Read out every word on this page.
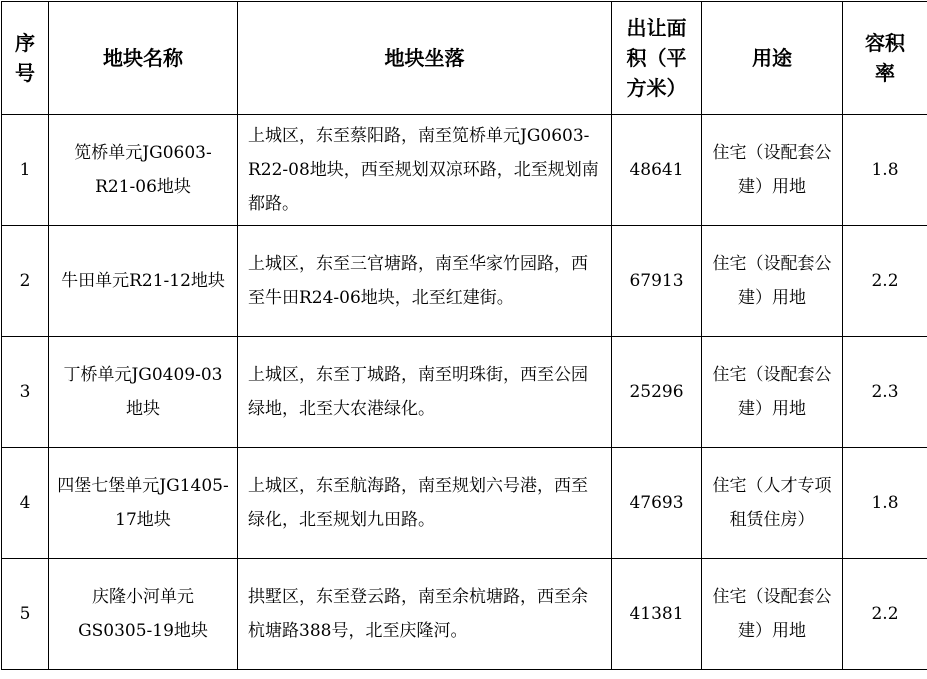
序号	地块名称	地块坐落	出让面积（平方米）	用途	容积率
1	笕桥单元JG0603-R21-06地块	上城区，东至蔡阳路，南至笕桥单元JG0603-R22-08地块，西至规划双凉环路，北至规划南都路。	48641	住宅（设配套公建）用地	1.8
2	牛田单元R21-12地块	上城区，东至三官塘路，南至华家竹园路，西至牛田R24-06地块，北至红建街。	67913	住宅（设配套公建）用地	2.2
3	丁桥单元JG0409-03地块	上城区，东至丁城路，南至明珠街，西至公园绿地，北至大农港绿化。	25296	住宅（设配套公建）用地	2.3
4	四堡七堡单元JG1405-17地块	上城区，东至航海路，南至规划六号港，西至绿化，北至规划九田路。	47693	住宅（人才专项租赁住房）	1.8
5	庆隆小河单元GS0305-19地块	拱墅区，东至登云路，南至余杭塘路，西至余杭塘路388号，北至庆隆河。	41381	住宅（设配套公建）用地	2.2
